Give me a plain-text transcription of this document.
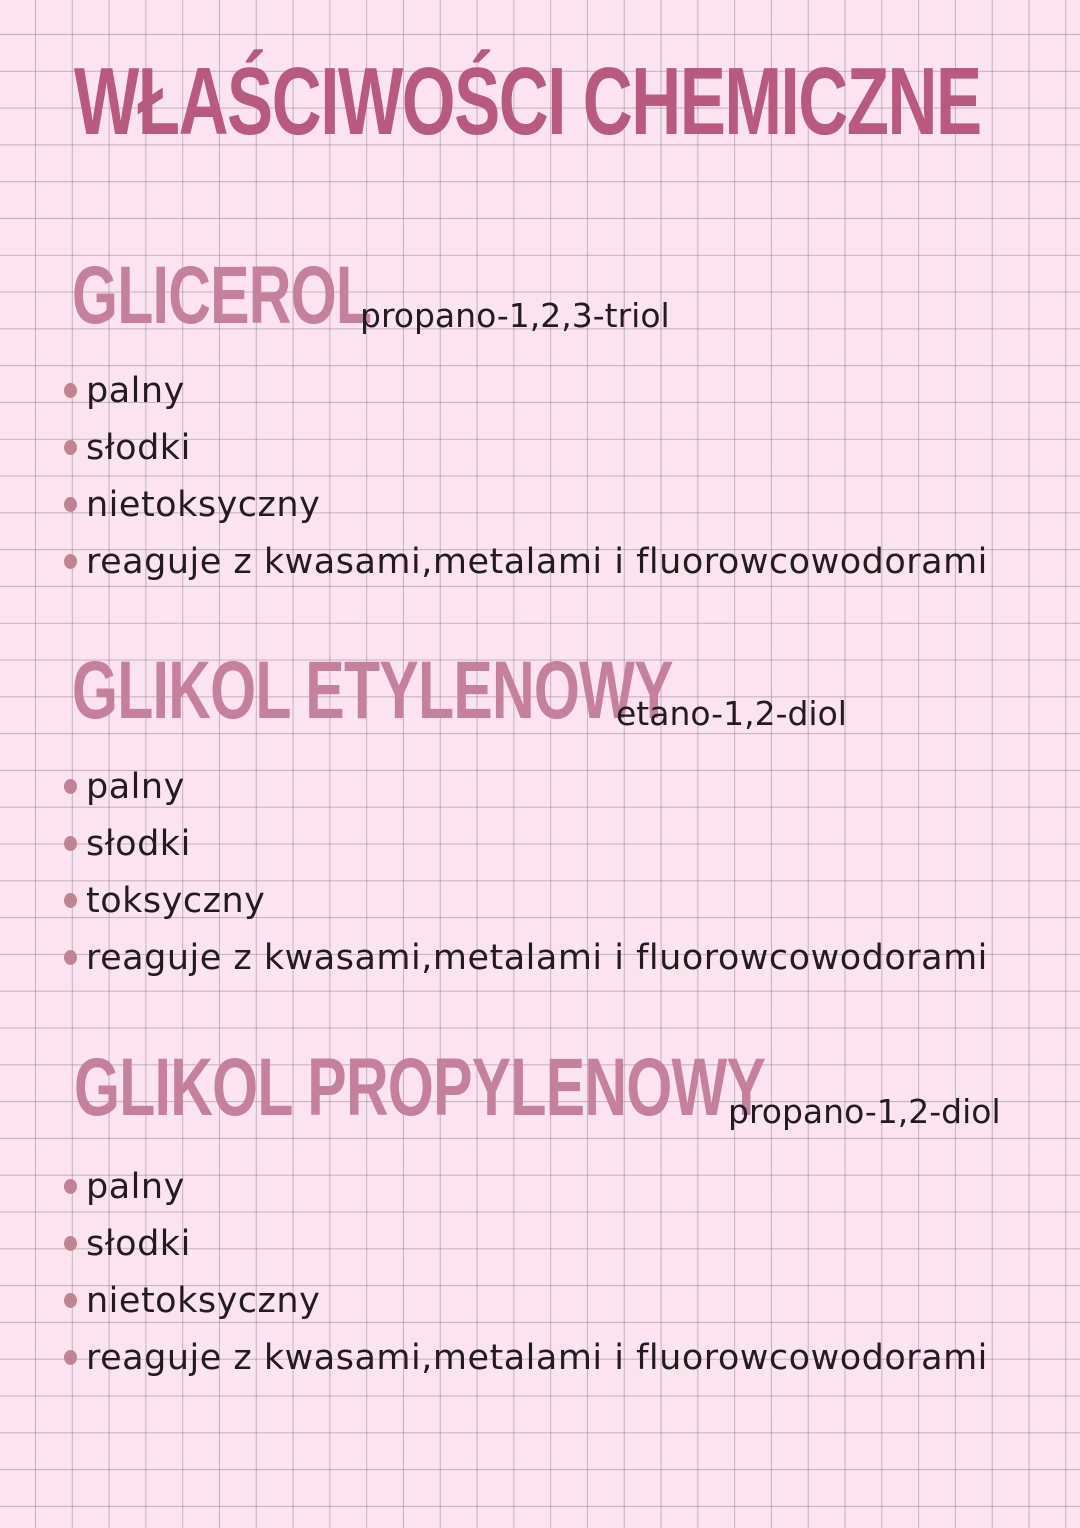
WŁAŚCIWOŚCI CHEMICZNE
GLICEROL
propano-1,2,3-triol
palny
słodki
nietoksyczny
reaguje z kwasami,metalami i fluorowcowodorami
GLIKOL ETYLENOWY
etano-1,2-diol
palny
słodki
toksyczny
reaguje z kwasami,metalami i fluorowcowodorami
GLIKOL PROPYLENOWY
propano-1,2-diol
palny
słodki
nietoksyczny
reaguje z kwasami,metalami i fluorowcowodorami
